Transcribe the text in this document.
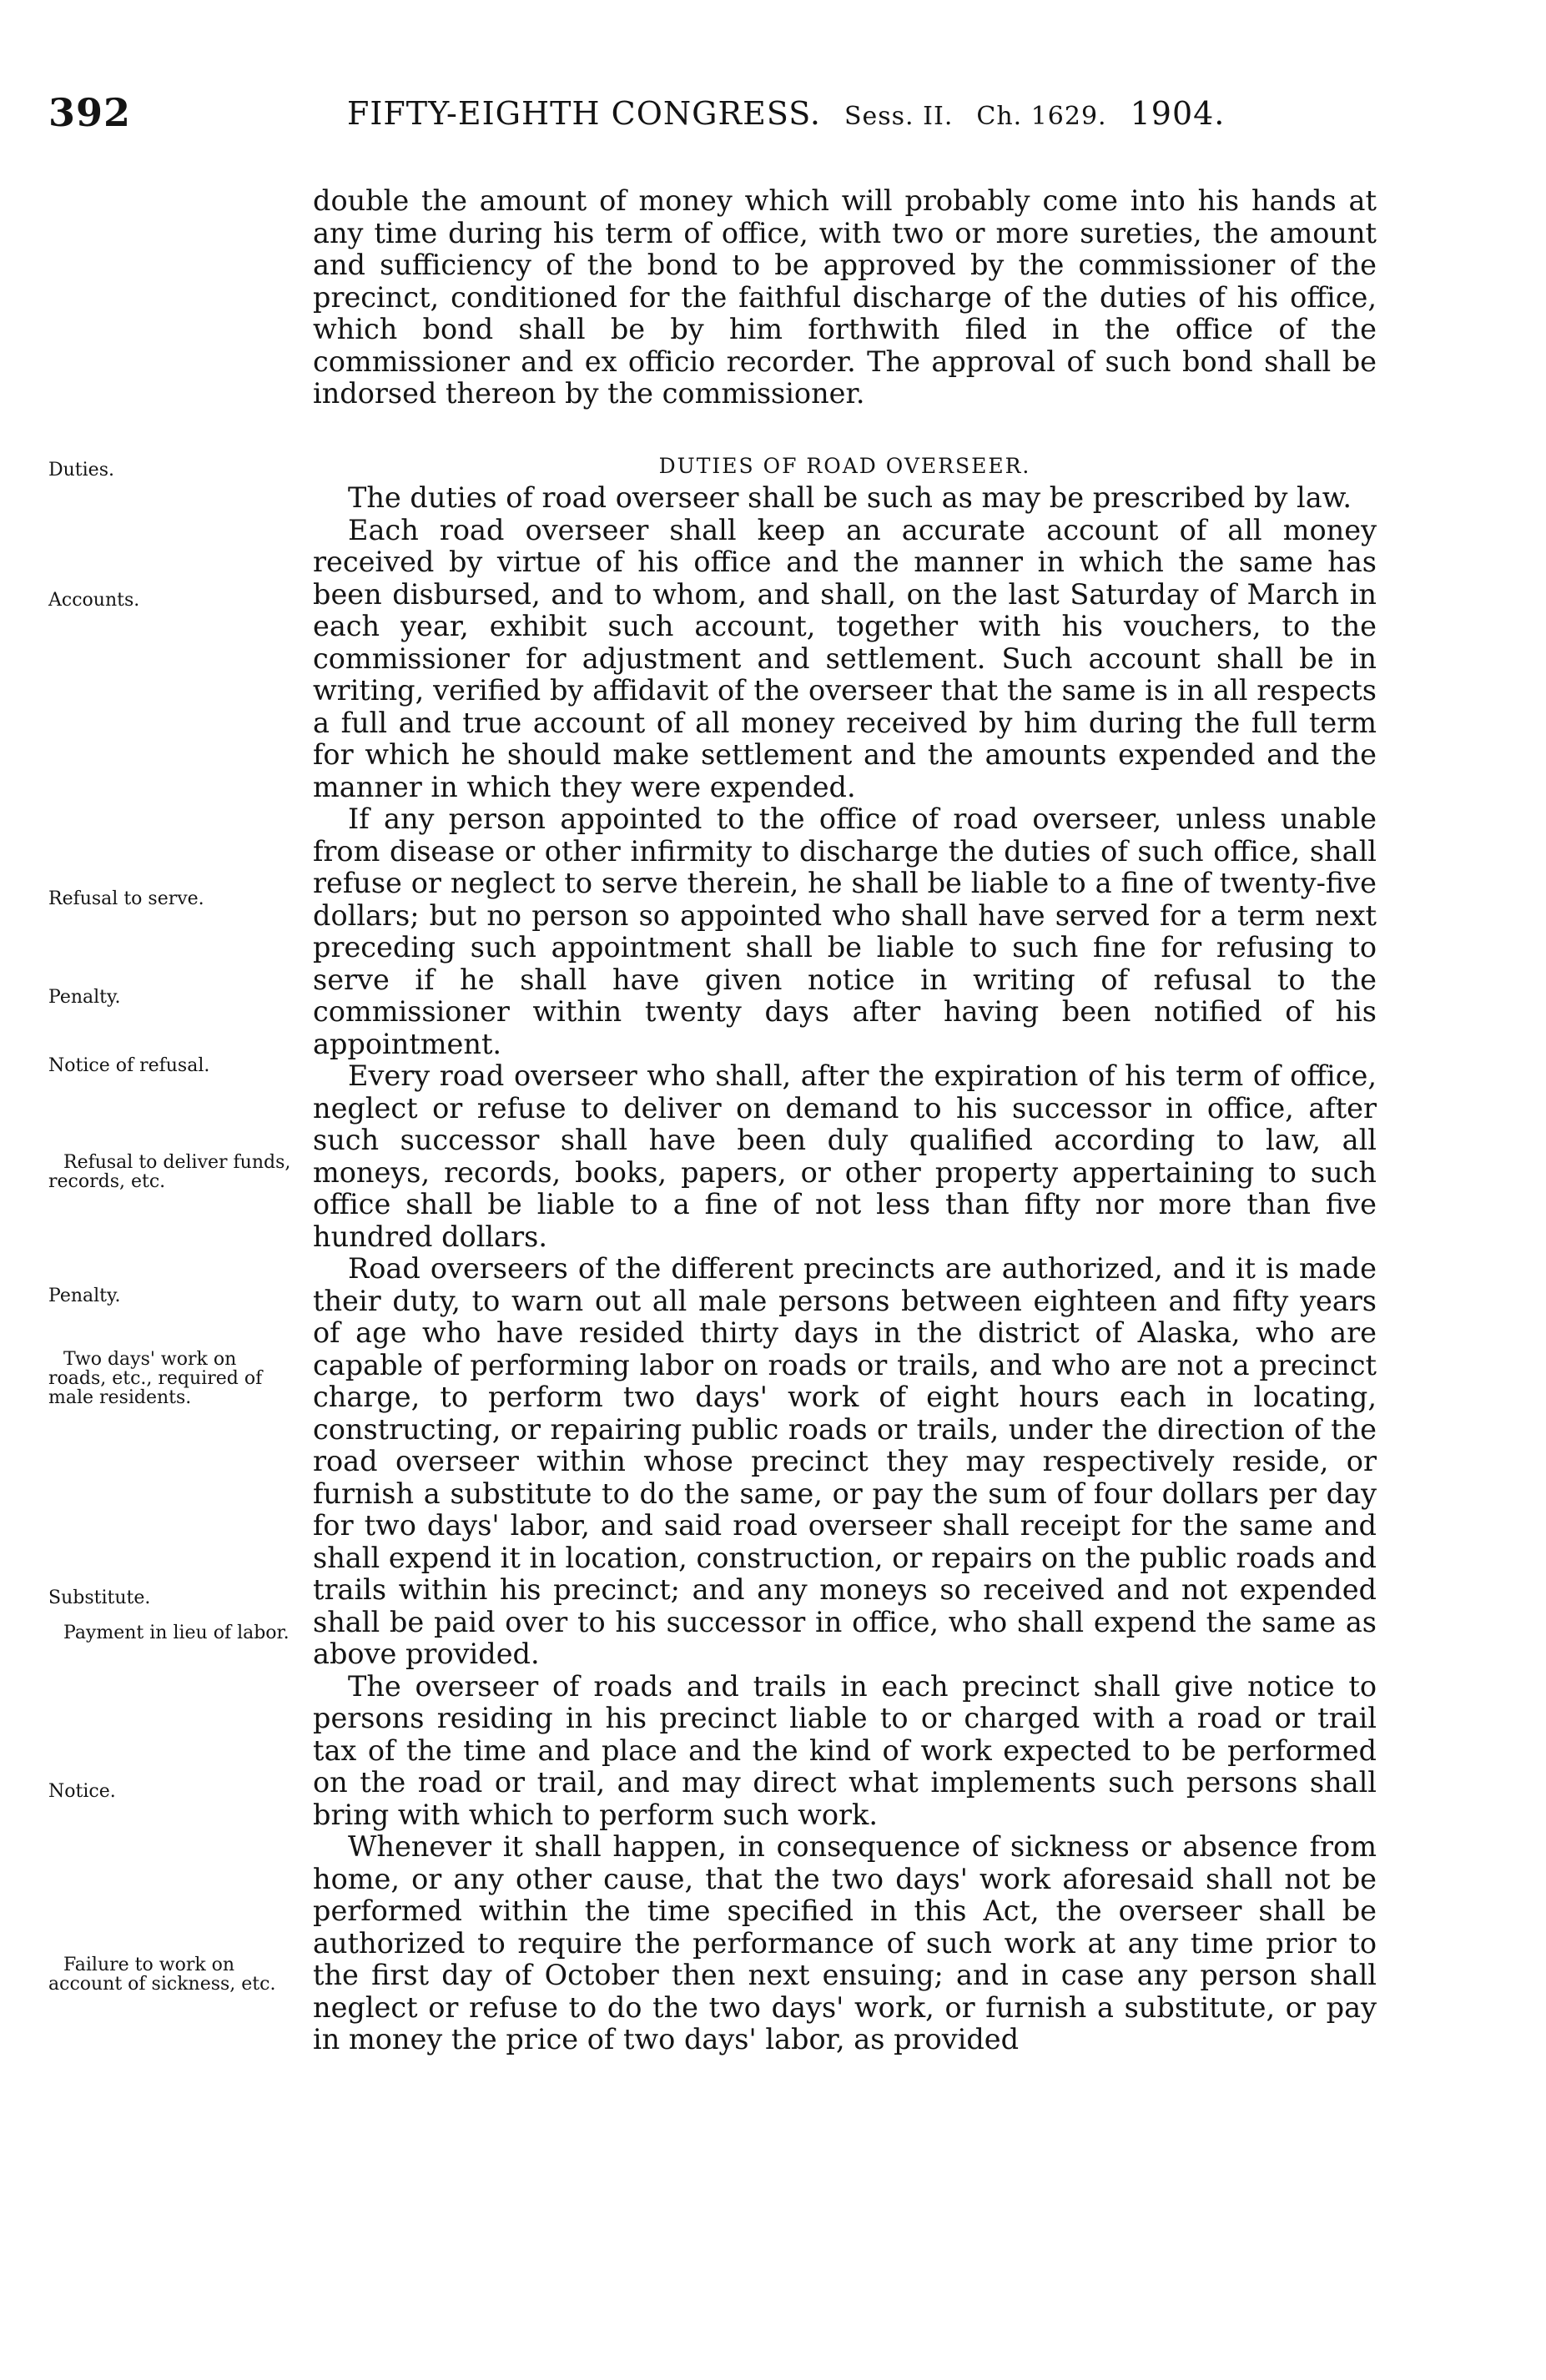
392	FIFTY-EIGHTH CONGRESS. Sess. II. Ch. 1629. 1904.

double the amount of money which will probably come into his hands at any time during his term of office, with two or more sureties, the amount and sufficiency of the bond to be approved by the commissioner of the precinct, conditioned for the faithful discharge of the duties of his office, which bond shall be by him forthwith filed in the office of the commissioner and ex officio recorder. The approval of such bond shall be indorsed thereon by the commissioner.

DUTIES OF ROAD OVERSEER.

The duties of road overseer shall be such as may be prescribed by law.

Each road overseer shall keep an accurate account of all money received by virtue of his office and the manner in which the same has been disbursed, and to whom, and shall, on the last Saturday of March in each year, exhibit such account, together with his vouchers, to the commissioner for adjustment and settlement. Such account shall be in writing, verified by affidavit of the overseer that the same is in all respects a full and true account of all money received by him during the full term for which he should make settlement and the amounts expended and the manner in which they were expended.

If any person appointed to the office of road overseer, unless unable from disease or other infirmity to discharge the duties of such office, shall refuse or neglect to serve therein, he shall be liable to a fine of twenty-five dollars; but no person so appointed who shall have served for a term next preceding such appointment shall be liable to such fine for refusing to serve if he shall have given notice in writing of refusal to the commissioner within twenty days after having been notified of his appointment.

Every road overseer who shall, after the expiration of his term of office, neglect or refuse to deliver on demand to his successor in office, after such successor shall have been duly qualified according to law, all moneys, records, books, papers, or other property appertaining to such office shall be liable to a fine of not less than fifty nor more than five hundred dollars.

Road overseers of the different precincts are authorized, and it is made their duty, to warn out all male persons between eighteen and fifty years of age who have resided thirty days in the district of Alaska, who are capable of performing labor on roads or trails, and who are not a precinct charge, to perform two days' work of eight hours each in locating, constructing, or repairing public roads or trails, under the direction of the road overseer within whose precinct they may respectively reside, or furnish a substitute to do the same, or pay the sum of four dollars per day for two days' labor, and said road overseer shall receipt for the same and shall expend it in location, construction, or repairs on the public roads and trails within his precinct; and any moneys so received and not expended shall be paid over to his successor in office, who shall expend the same as above provided.

The overseer of roads and trails in each precinct shall give notice to persons residing in his precinct liable to or charged with a road or trail tax of the time and place and the kind of work expected to be performed on the road or trail, and may direct what implements such persons shall bring with which to perform such work.

Whenever it shall happen, in consequence of sickness or absence from home, or any other cause, that the two days' work aforesaid shall not be performed within the time specified in this Act, the overseer shall be authorized to require the performance of such work at any time prior to the first day of October then next ensuing; and in case any person shall neglect or refuse to do the two days' work, or furnish a substitute, or pay in money the price of two days' labor, as provided

Duties.
Accounts.
Refusal to serve.
Penalty.
Notice of refusal.
Refusal to deliver funds, records, etc.
Penalty.
Two days' work on roads, etc., required of male residents.
Substitute.
Payment in lieu of labor.
Notice.
Failure to work on account of sickness, etc.
